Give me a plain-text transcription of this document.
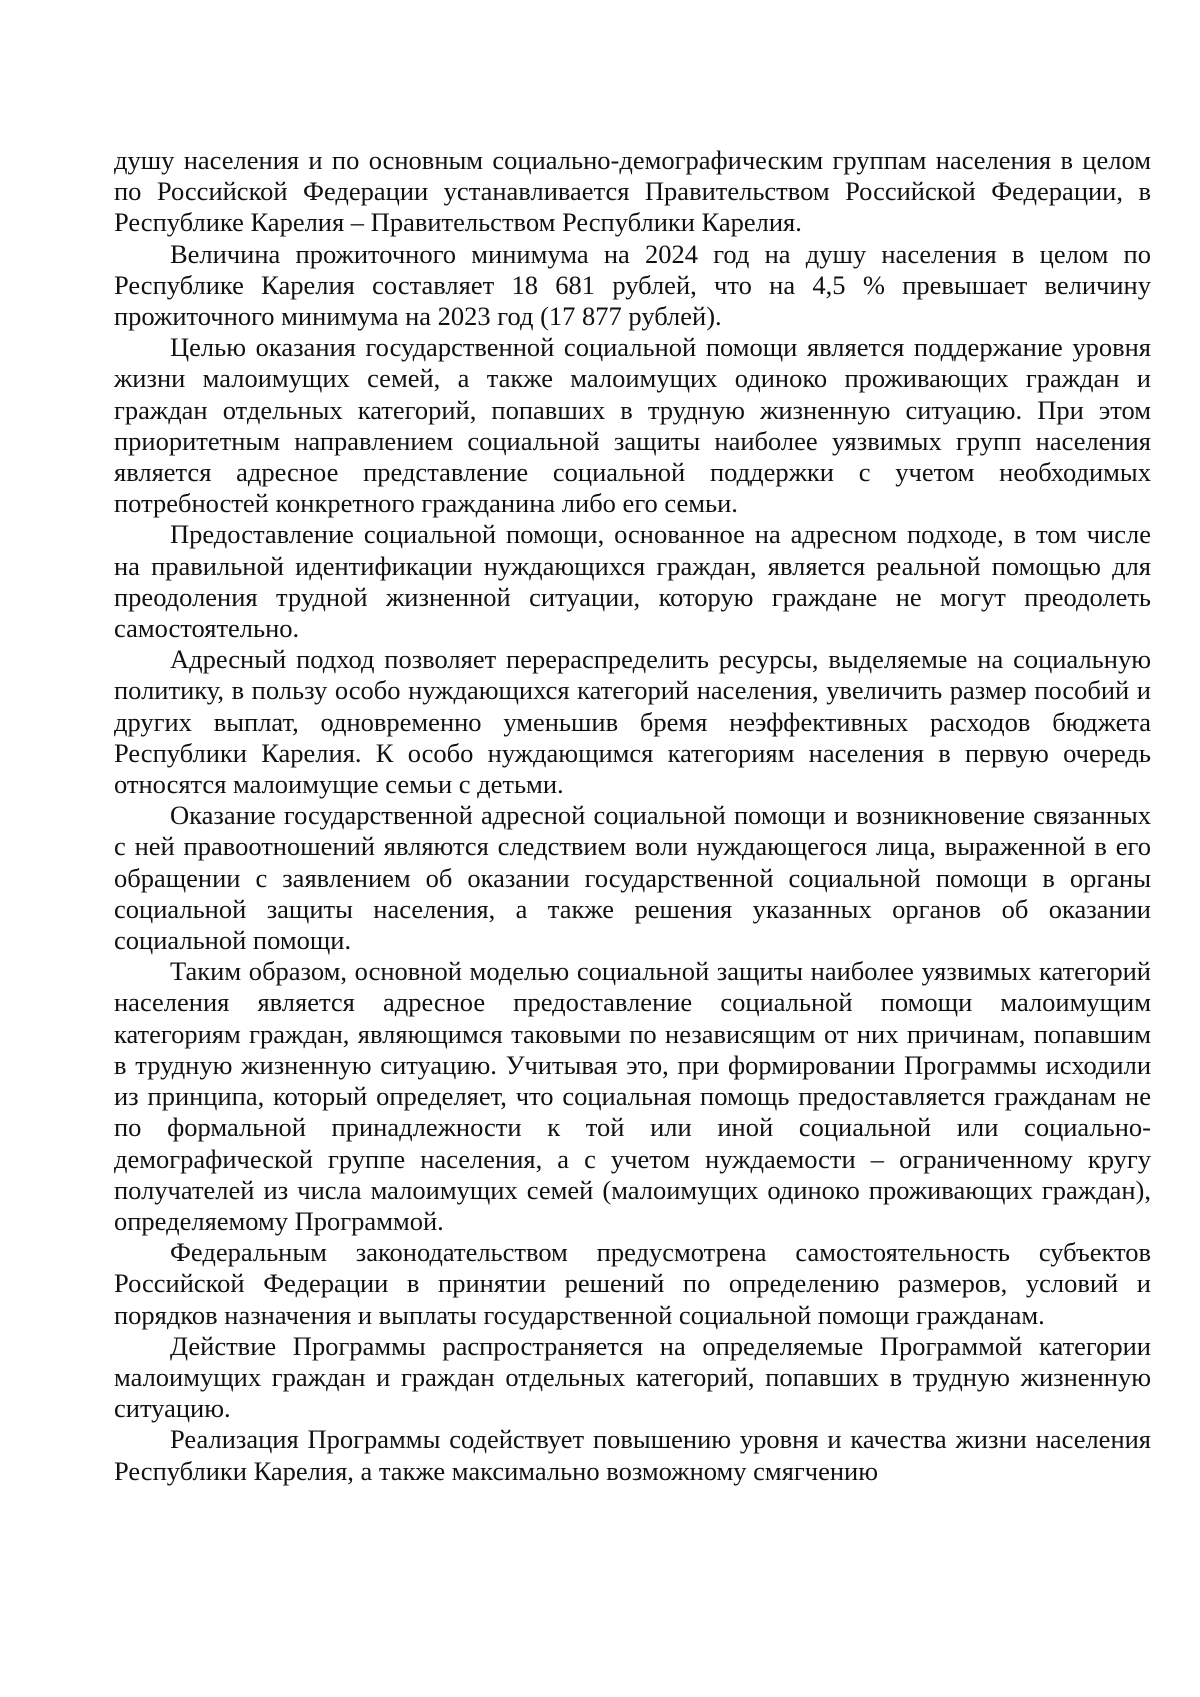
душу населения и по основным социально-демографическим группам населения в целом по Российской Федерации устанавливается Правительством Российской Федерации, в Республике Карелия – Правительством Республики Карелия.

Величина прожиточного минимума на 2024 год на душу населения в целом по Республике Карелия составляет 18 681 рублей, что на 4,5 % превышает величину прожиточного минимума на 2023 год (17 877 рублей).

Целью оказания государственной социальной помощи является поддержание уровня жизни малоимущих семей, а также малоимущих одиноко проживающих граждан и граждан отдельных категорий, попавших в трудную жизненную ситуацию. При этом приоритетным направлением социальной защиты наиболее уязвимых групп населения является адресное представление социальной поддержки с учетом необходимых потребностей конкретного гражданина либо его семьи.

Предоставление социальной помощи, основанное на адресном подходе, в том числе на правильной идентификации нуждающихся граждан, является реальной помощью для преодоления трудной жизненной ситуации, которую граждане не могут преодолеть самостоятельно.

Адресный подход позволяет перераспределить ресурсы, выделяемые на социальную политику, в пользу особо нуждающихся категорий населения, увеличить размер пособий и других выплат, одновременно уменьшив бремя неэффективных расходов бюджета Республики Карелия. К особо нуждающимся категориям населения в первую очередь относятся малоимущие семьи с детьми.

Оказание государственной адресной социальной помощи и возникновение связанных с ней правоотношений являются следствием воли нуждающегося лица, выраженной в его обращении с заявлением об оказании государственной социальной помощи в органы социальной защиты населения, а также решения указанных органов об оказании социальной помощи.

Таким образом, основной моделью социальной защиты наиболее уязвимых категорий населения является адресное предоставление социальной помощи малоимущим категориям граждан, являющимся таковыми по независящим от них причинам, попавшим в трудную жизненную ситуацию. Учитывая это, при формировании Программы исходили из принципа, который определяет, что социальная помощь предоставляется гражданам не по формальной принадлежности к той или иной социальной или социально-демографической группе населения, а с учетом нуждаемости – ограниченному кругу получателей из числа малоимущих семей (малоимущих одиноко проживающих граждан), определяемому Программой.

Федеральным законодательством предусмотрена самостоятельность субъектов Российской Федерации в принятии решений по определению размеров, условий и порядков назначения и выплаты государственной социальной помощи гражданам.

Действие Программы распространяется на определяемые Программой категории малоимущих граждан и граждан отдельных категорий, попавших в трудную жизненную ситуацию.

Реализация Программы содействует повышению уровня и качества жизни населения Республики Карелия, а также максимально возможному смягчению
